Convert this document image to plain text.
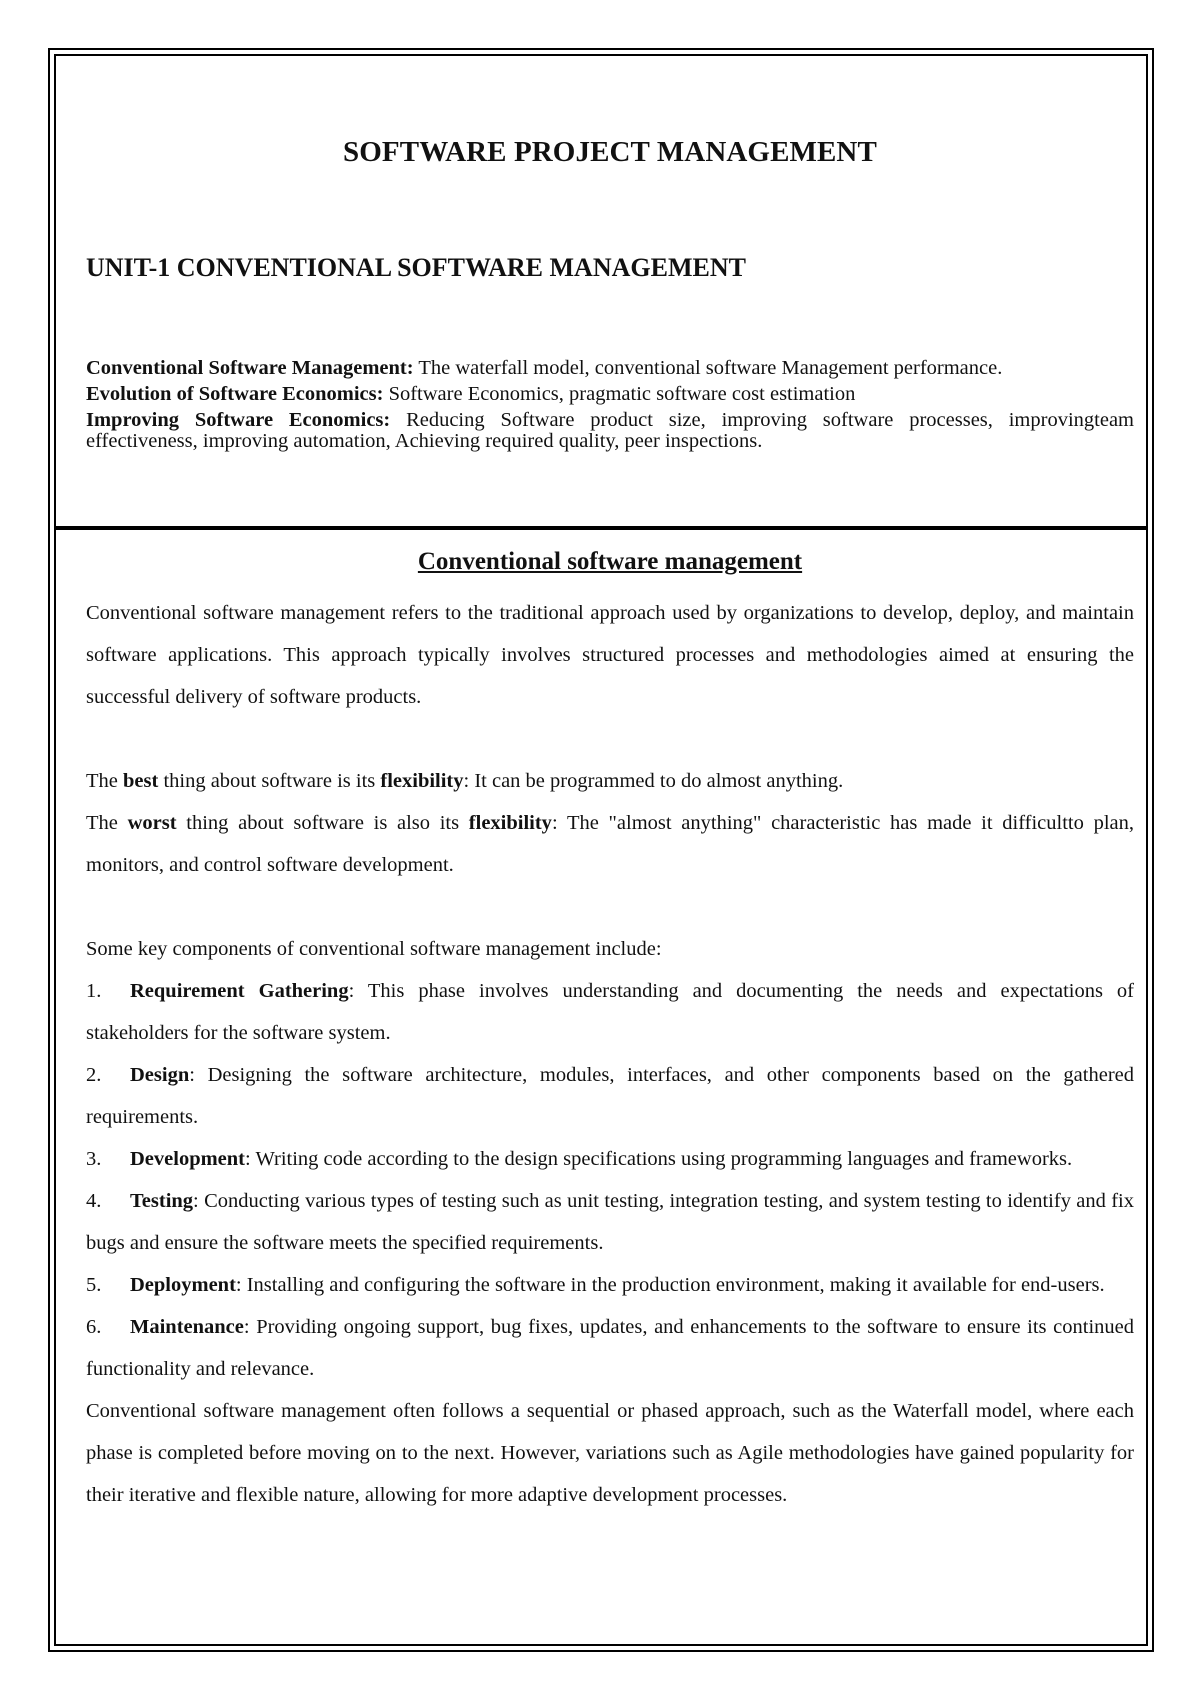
SOFTWARE PROJECT MANAGEMENT
UNIT-1 CONVENTIONAL SOFTWARE MANAGEMENT

Conventional Software Management: The waterfall model, conventional software Management performance.

Evolution of Software Economics: Software Economics, pragmatic software cost estimation

Improving Software Economics: Reducing Software product size, improving software processes, improvingteam effectiveness, improving automation, Achieving required quality, peer inspections.

Conventional software management

Conventional software management refers to the traditional approach used by organizations to develop, deploy, and maintain software applications. This approach typically involves structured processes and methodologies aimed at ensuring the successful delivery of software products.

The best thing about software is its flexibility: It can be programmed to do almost anything.

The worst thing about software is also its flexibility: The "almost anything" characteristic has made it difficultto plan, monitors, and control software development.

Some key components of conventional software management include:

1. Requirement Gathering: This phase involves understanding and documenting the needs and expectations of stakeholders for the software system.

2. Design: Designing the software architecture, modules, interfaces, and other components based on the gathered requirements.

3. Development: Writing code according to the design specifications using programming languages and frameworks.

4. Testing: Conducting various types of testing such as unit testing, integration testing, and system testing to identify and fix bugs and ensure the software meets the specified requirements.

5. Deployment: Installing and configuring the software in the production environment, making it available for end-users.

6. Maintenance: Providing ongoing support, bug fixes, updates, and enhancements to the software to ensure its continued functionality and relevance.

Conventional software management often follows a sequential or phased approach, such as the Waterfall model, where each phase is completed before moving on to the next. However, variations such as Agile methodologies have gained popularity for their iterative and flexible nature, allowing for more adaptive development processes.
